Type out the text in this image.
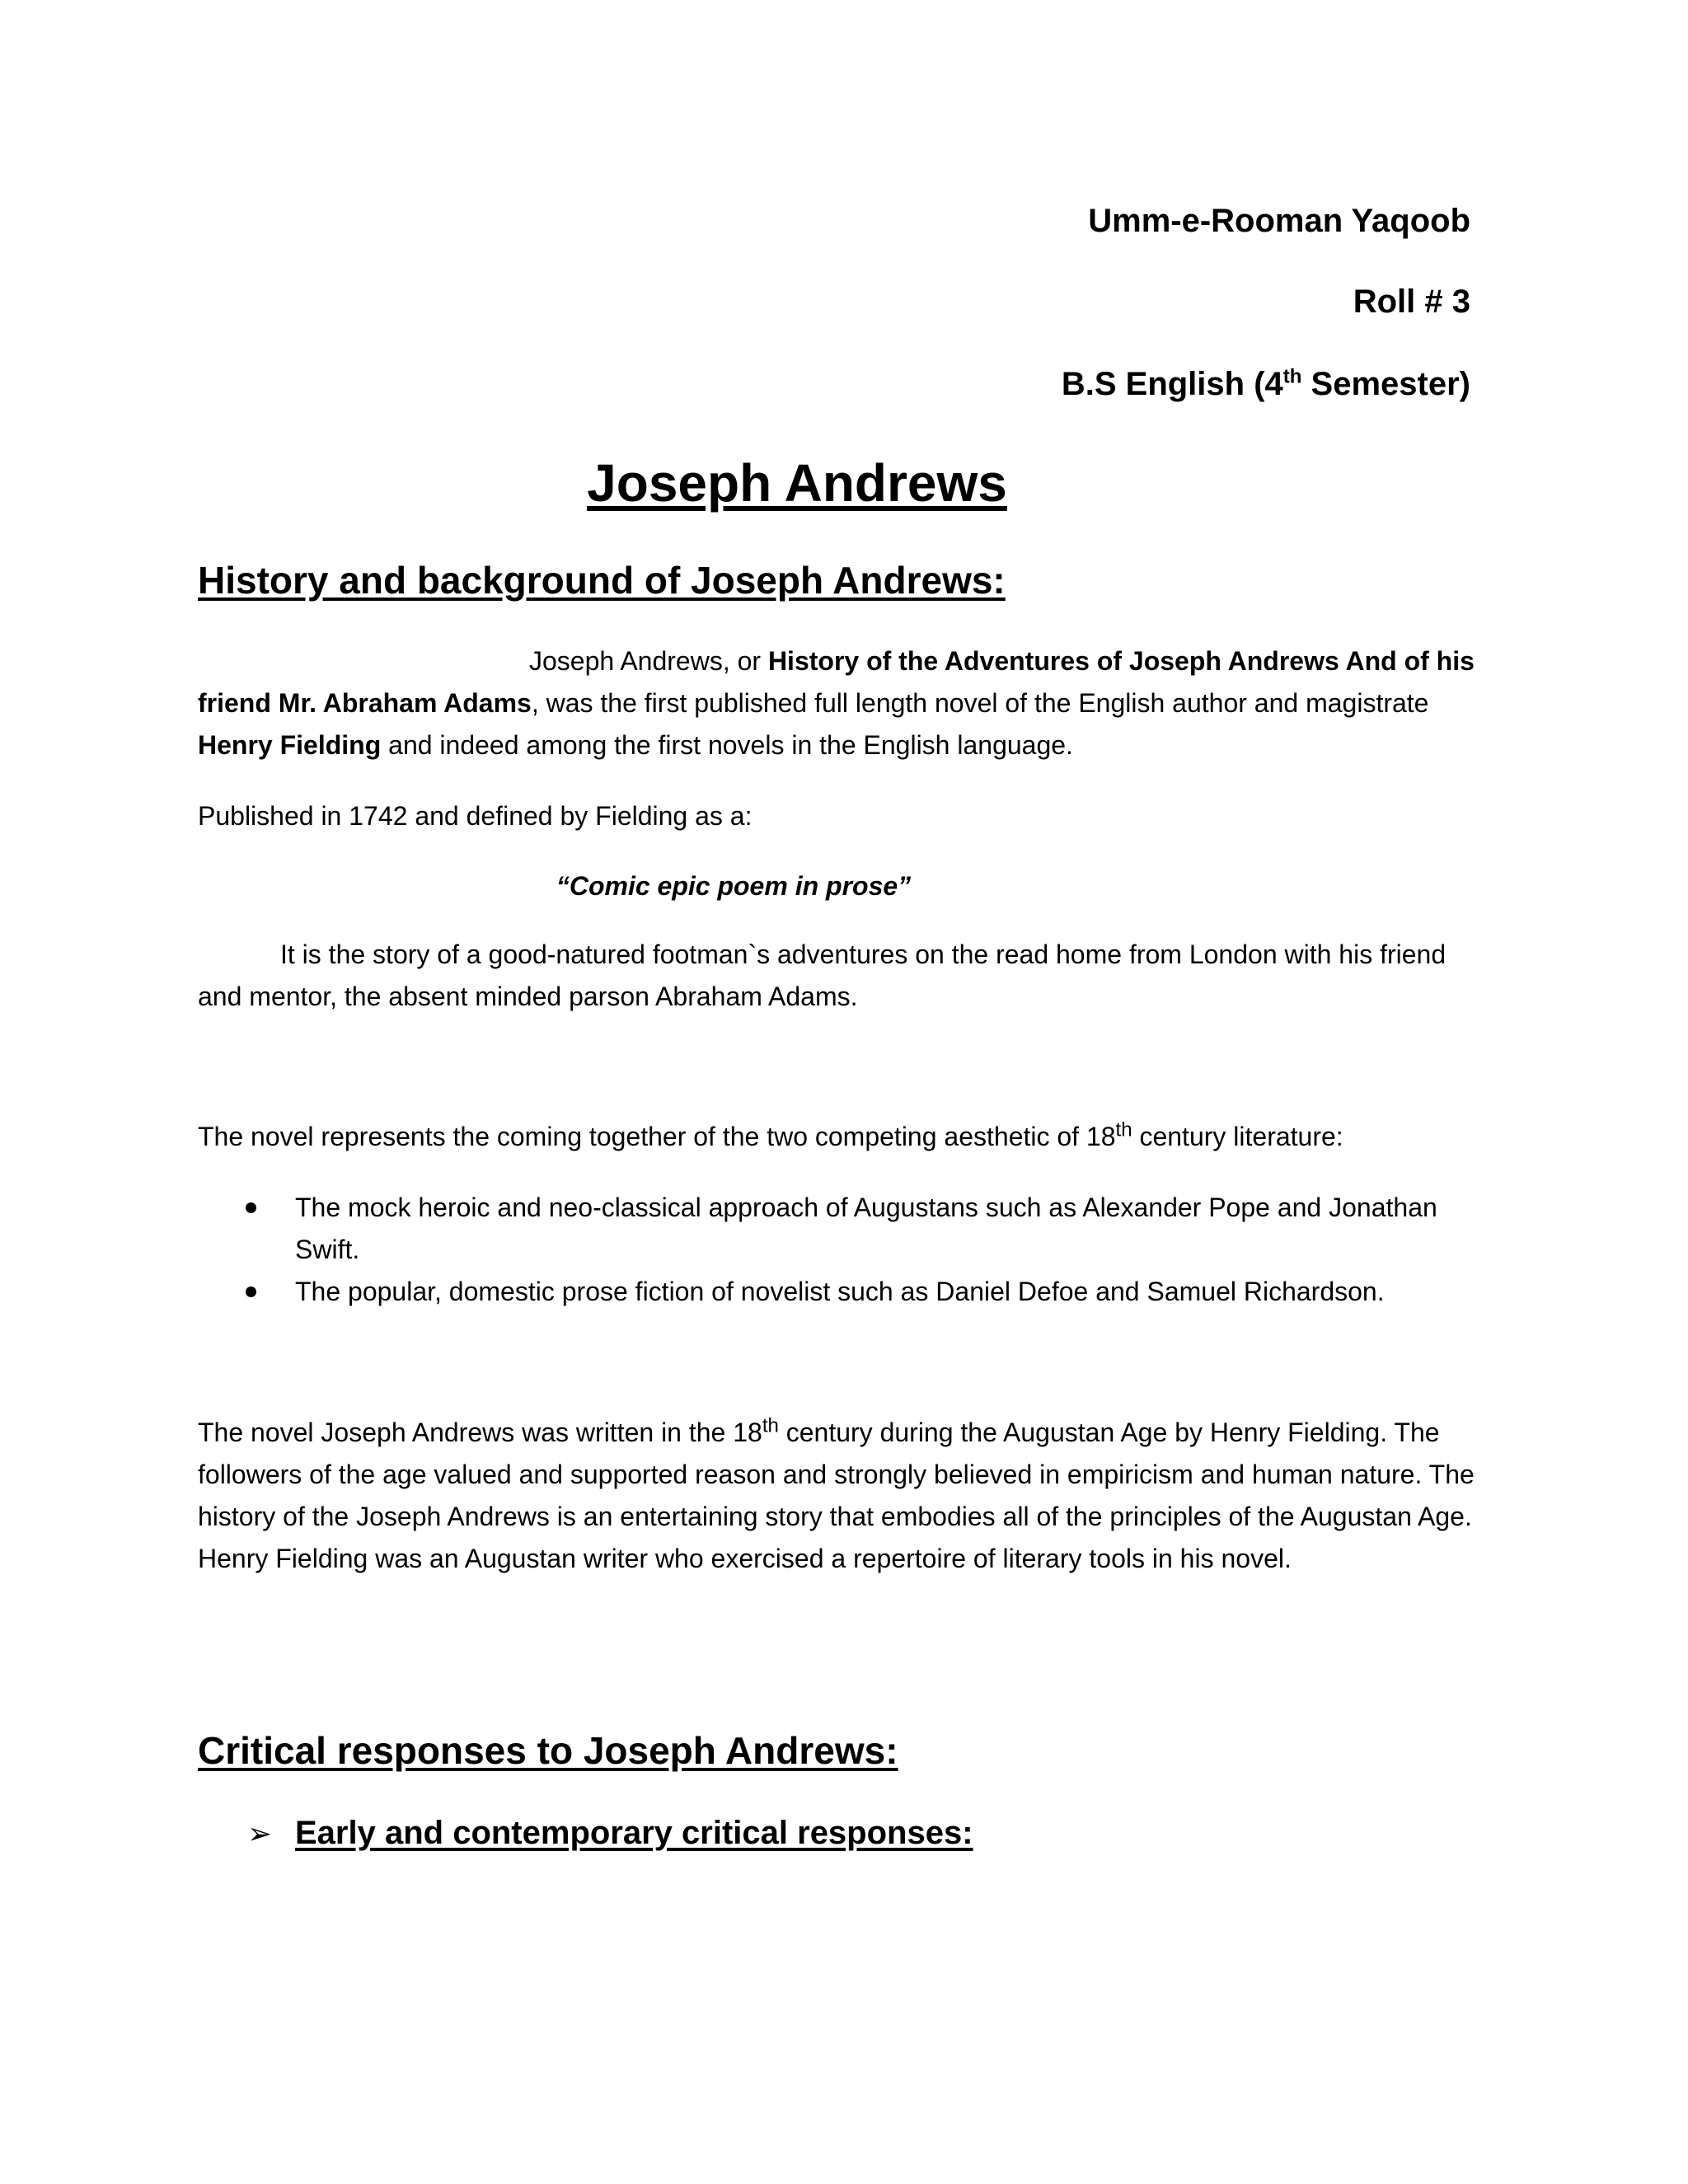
Umm-e-Rooman Yaqoob
Roll # 3
B.S English (4th Semester)
Joseph Andrews
History and background of Joseph Andrews:

Joseph Andrews, or History of the Adventures of Joseph Andrews And of his friend Mr. Abraham Adams, was the first published full length novel of the English author and magistrate Henry Fielding and indeed among the first novels in the English language.

Published in 1742 and defined by Fielding as a:

“Comic epic poem in prose”

It is the story of a good-natured footman`s adventures on the read home from London with his friend and mentor, the absent minded parson Abraham Adams.

The novel represents the coming together of the two competing aesthetic of 18th century literature:

The mock heroic and neo-classical approach of Augustans such as Alexander Pope and Jonathan Swift.
The popular, domestic prose fiction of novelist such as Daniel Defoe and Samuel Richardson.

The novel Joseph Andrews was written in the 18th century during the Augustan Age by Henry Fielding. The followers of the age valued and supported reason and strongly believed in empiricism and human nature. The history of the Joseph Andrews is an entertaining story that embodies all of the principles of the Augustan Age. Henry Fielding was an Augustan writer who exercised a repertoire of literary tools in his novel.

Critical responses to Joseph Andrews:
➢ Early and contemporary critical responses:
